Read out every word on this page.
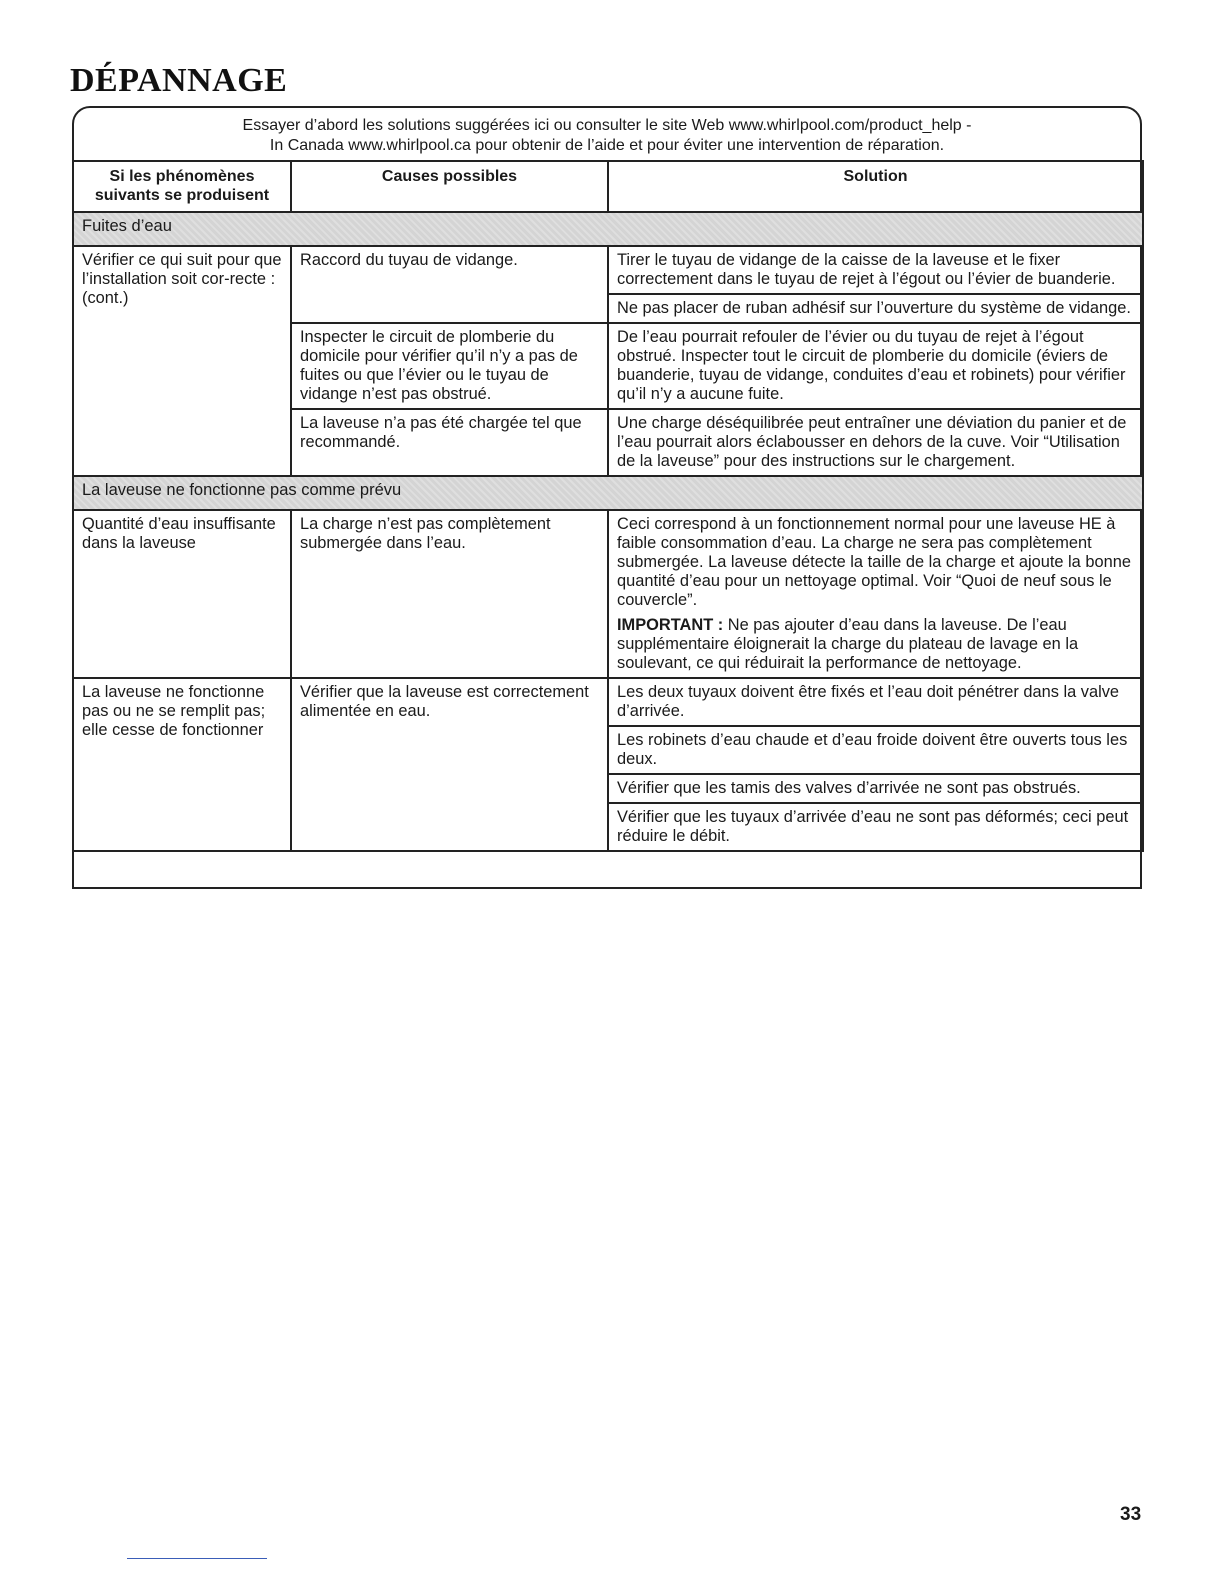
DÉPANNAGE
Essayer d’abord les solutions suggérées ici ou consulter le site Web www.whirlpool.com/product_help -
In Canada www.whirlpool.ca pour obtenir de l’aide et pour éviter une intervention de réparation.
Si les phénomènes suivants se produisent	Causes possibles	Solution
Fuites d’eau		
Vérifier ce qui suit pour que l’installation soit cor-recte : (cont.)	Raccord du tuyau de vidange.	Tirer le tuyau de vidange de la caisse de la laveuse et le fixer correctement dans le tuyau de rejet à l’égout ou l’évier de buanderie.
		Ne pas placer de ruban adhésif sur l’ouverture du système de vidange.
	Inspecter le circuit de plomberie du domicile pour vérifier qu’il n’y a pas de fuites ou que l’évier ou le tuyau de vidange n’est pas obstrué.	De l’eau pourrait refouler de l’évier ou du tuyau de rejet à l’égout obstrué. Inspecter tout le circuit de plomberie du domicile (éviers de buanderie, tuyau de vidange, conduites d’eau et robinets) pour vérifier qu’il n’y a aucune fuite.
	La laveuse n’a pas été chargée tel que recommandé.	Une charge déséquilibrée peut entraîner une déviation du panier et de l’eau pourrait alors éclabousser en dehors de la cuve. Voir “Utilisation de la laveuse” pour des instructions sur le chargement.
La laveuse ne fonctionne pas comme prévu		
Quantité d’eau insuffisante dans la laveuse	La charge n’est pas complètement submergée dans l’eau.	Ceci correspond à un fonctionnement normal pour une laveuse HE à faible consommation d’eau. La charge ne sera pas complètement submergée. La laveuse détecte la taille de la charge et ajoute la bonne quantité d’eau pour un nettoyage optimal. Voir “Quoi de neuf sous le couvercle”.

IMPORTANT : Ne pas ajouter d’eau dans la laveuse. De l’eau supplémentaire éloignerait la charge du plateau de lavage en la soulevant, ce qui réduirait la performance de nettoyage.

La laveuse ne fonctionne pas ou ne se remplit pas; elle cesse de fonctionner	Vérifier que la laveuse est correctement alimentée en eau.	Les deux tuyaux doivent être fixés et l’eau doit pénétrer dans la valve d’arrivée.
		Les robinets d’eau chaude et d’eau froide doivent être ouverts tous les deux.
		Vérifier que les tamis des valves d’arrivée ne sont pas obstrués.
		Vérifier que les tuyaux d’arrivée d’eau ne sont pas déformés; ceci peut réduire le débit.
33
